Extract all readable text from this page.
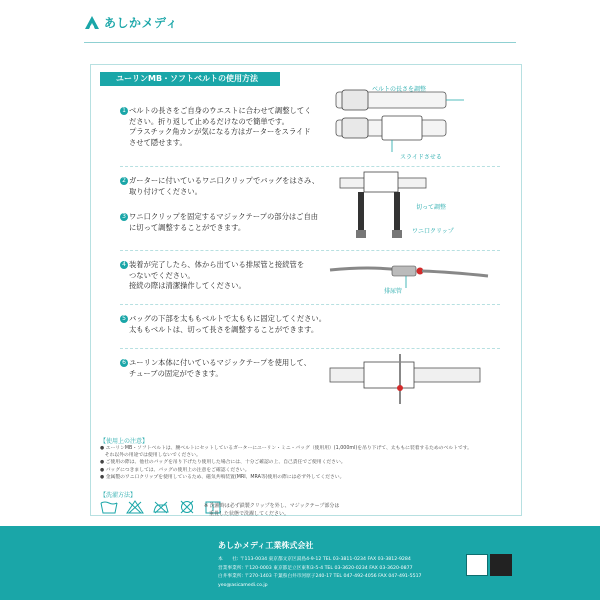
あしかメディ
ユーリンMB・ソフトベルトの使用方法
1 ベルトの長さをご自身のウエストに合わせて調整してく
ださい。折り返して止めるだけなので簡単です。
プラスチック角カンが気になる方はガーターをスライド
させて隠せます。
ベルトの長さを調整
スライドさせる
2 ガーターに付いているワニ口クリップでバッグをはさみ、
取り付けてください。
3 ワニ口クリップを固定するマジックテープの部分はご自由
に切って調整することができます。
切って調整
ワニ口クリップ
4 装着が完了したら、体から出ている排尿管と接続管を
つないでください。
接続の際は清潔操作してください。
排尿管
5 バッグの下部を太ももベルトで太ももに固定してください。
太ももベルトは、切って長さを調整することができます。
6 ユーリン本体に付いているマジックテープを使用して、
チューブの固定ができます。
【使用上の注意】
● ユーリンMB・ソフトベルトは、腰ベルトにセットしているガーターにユーリン・ミニ・バッグ（使用用）(1,000ml)を吊り下げて、太ももに装着するためのベルトです。
　それ以外の用途では使用しないでください。
● ご使用の際は、他社のバッグを吊り下げたり使用した場合には、十分ご確認の上、自己責任でご使用ください。
● バッグにつきましては、バッグの使用上の注意をご確認ください。
● 金属製のワニ口クリップを使用しているため、磁気共鳴装置(MRI、MRA等)使用の際には必ず外してください。
【洗濯方法】
※ 洗濯時は必ず鉄製クリップを外し、マジックテープ部分は
　重畳した状態で洗濯してください。
あしかメディ工業株式会社
本　　社: 〒113-0034 東京都文京区湯島4-9-12 TEL 03-3811-0234 FAX 03-3812-9284
営業事業所: 〒120-0003 東京都足立区東和3-5-4 TEL 03-3620-0234 FAX 03-3620-0877
白井事業所: 〒270-1403 千葉県白井市河原子240-17 TEL 047-492-4056 FAX 047-491-5517
yeo@asicamedi.co.jp
